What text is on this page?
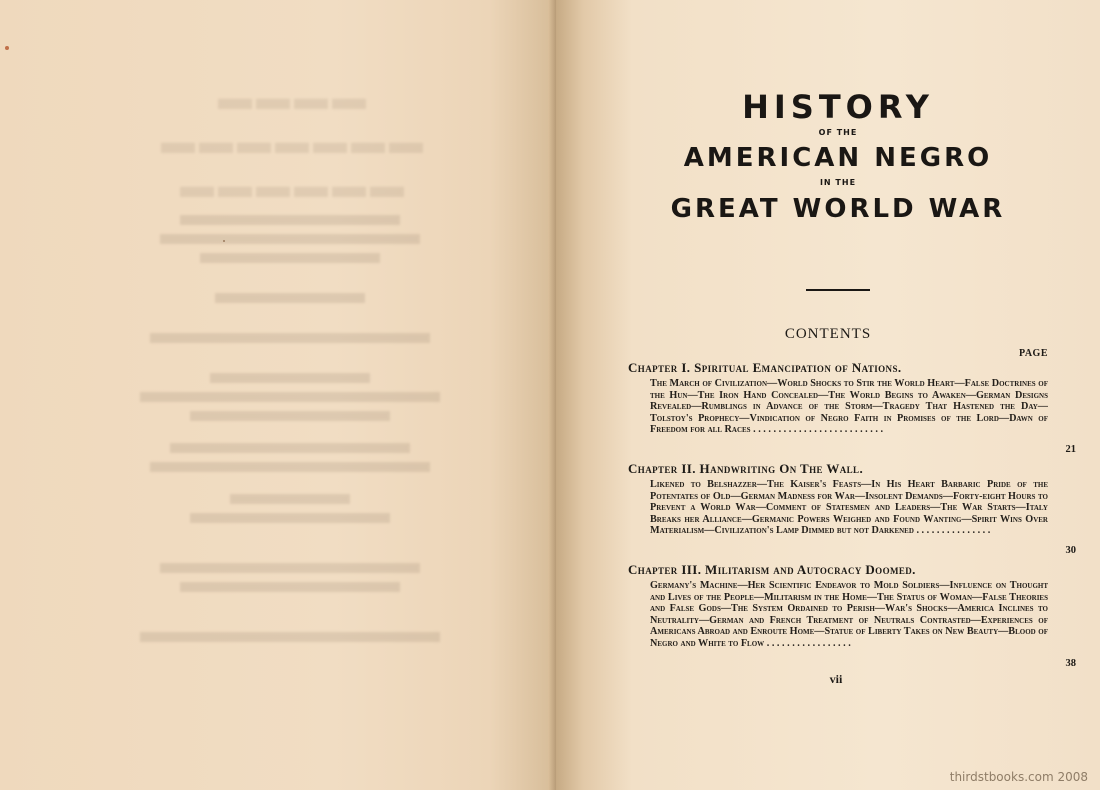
▬▬▬▬
▬▬▬▬▬▬▬
▬▬▬▬▬▬
HISTORY
OF THE
AMERICAN NEGRO
IN THE
GREAT WORLD WAR
CONTENTS
PAGE
Chapter I. Spiritual Emancipation of Nations.
The March of Civilization—World Shocks to Stir the World Heart—False Doctrines of the Hun—The Iron Hand Concealed—The World Begins to Awaken—German Designs Revealed—Rumblings in Advance of the Storm—Tragedy That Hastened the Day—Tolstoy's Prophecy—Vindication of Negro Faith in Promises of the Lord—Dawn of Freedom for all Races . . . . . . . . . . . . . . . . . . . . . . . . . .
21
Chapter II. Handwriting On The Wall.
Likened to Belshazzer—The Kaiser's Feasts—In His Heart Barbaric Pride of the Potentates of Old—German Madness for War—Insolent Demands—Forty-eight Hours to Prevent a World War—Comment of Statesmen and Leaders—The War Starts—Italy Breaks her Alliance—Germanic Powers Weighed and Found Wanting—Spirit Wins Over Materialism—Civilization's Lamp Dimmed but not Darkened . . . . . . . . . . . . . . .
30
Chapter III. Militarism and Autocracy Doomed.
Germany's Machine—Her Scientific Endeavor to Mold Soldiers—Influence on Thought and Lives of the People—Militarism in the Home—The Status of Woman—False Theories and False Gods—The System Ordained to Perish—War's Shocks—America Inclines to Neutrality—German and French Treatment of Neutrals Contrasted—Experiences of Americans Abroad and Enroute Home—Statue of Liberty Takes on New Beauty—Blood of Negro and White to Flow . . . . . . . . . . . . . . . . .
38
vii
thirdstbooks.com 2008
